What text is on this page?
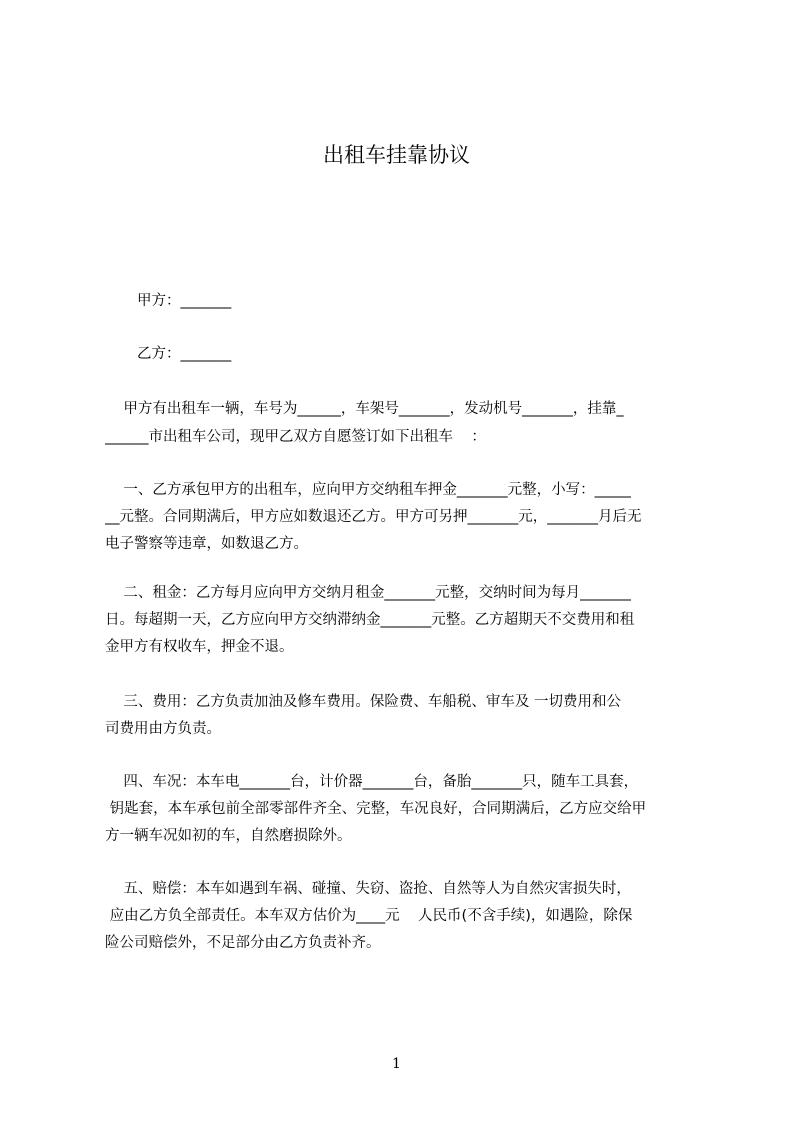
出租车挂靠协议
甲方：_______
乙方：_______
甲方有出租车一辆，车号为______，车架号_______，发动机号_______，挂靠_
______市出租车公司，现甲乙双方自愿签订如下出租车    ：
一、乙方承包甲方的出租车，应向甲方交纳租车押金_______元整，小写：_____
__元整。合同期满后，甲方应如数退还乙方。甲方可另押_______元，_______月后无
电子警察等违章，如数退乙方。
二、租金：乙方每月应向甲方交纳月租金_______元整，交纳时间为每月_______
日。每超期一天，乙方应向甲方交纳滞纳金_______元整。乙方超期天不交费用和租
金甲方有权收车，押金不退。
三、费用：乙方负责加油及修车费用。保险费、车船税、审车及 一切费用和公
司费用由方负责。
四、车况：本车电_______台，计价器_______台，备胎_______只，随车工具套，
钥匙套，本车承包前全部零部件齐全、完整，车况良好，合同期满后，乙方应交给甲
方一辆车况如初的车，自然磨损除外。
五、赔偿：本车如遇到车祸、碰撞、失窃、盗抢、自然等人为自然灾害损失时，
应由乙方负全部责任。本车双方估价为____元    人民币(不含手续)，如遇险，除保
险公司赔偿外，不足部分由乙方负责补齐。
1
